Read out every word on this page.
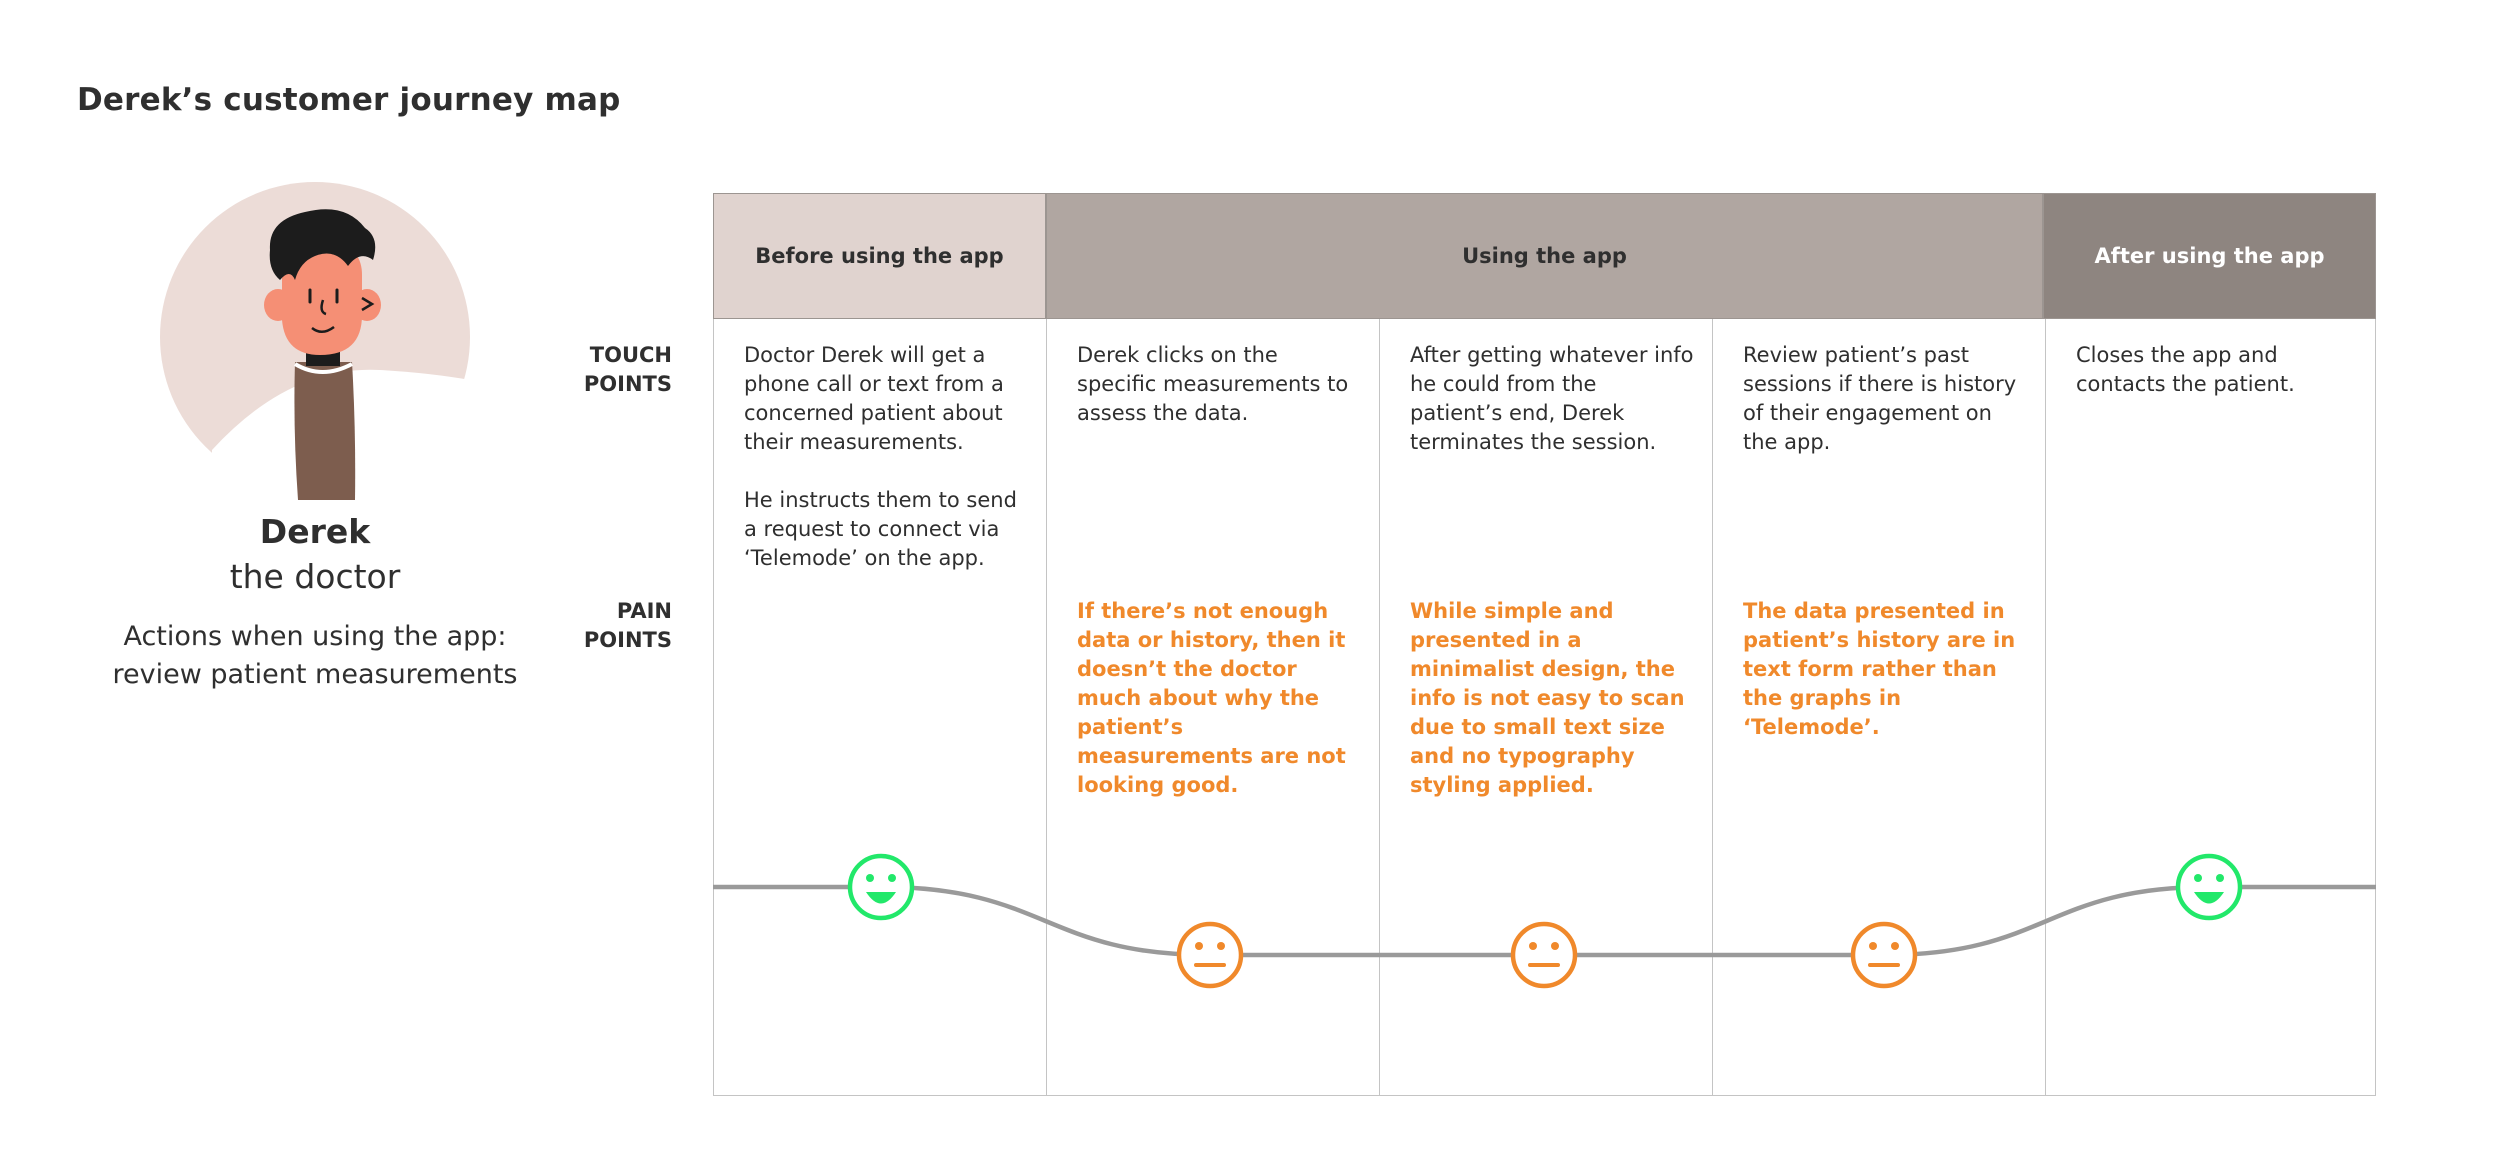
Derek’s customer journey map
Derek
the doctor
Actions when using the app: review patient measurements
TOUCH
POINTS
PAIN
POINTS
Before using the app	Using the app	After using the app
Doctor Derek will get a phone call or text from a concerned patient about their measurements.

He instructs them to send a request to connect via ‘Telemode’ on the app.
Derek clicks on the specific measurements to assess the data.
If there’s not enough data or history, then it doesn’t the doctor much about why the patient’s measurements are not looking good.
After getting whatever info he could from the patient’s end, Derek terminates the session.
While simple and presented in a minimalist design, the info is not easy to scan due to small text size and no typography styling applied.
Review patient’s past sessions if there is history of their engagement on the app.
The data presented in patient’s history are in text form rather than the graphs in ‘Telemode’.
Closes the app and contacts the patient.
